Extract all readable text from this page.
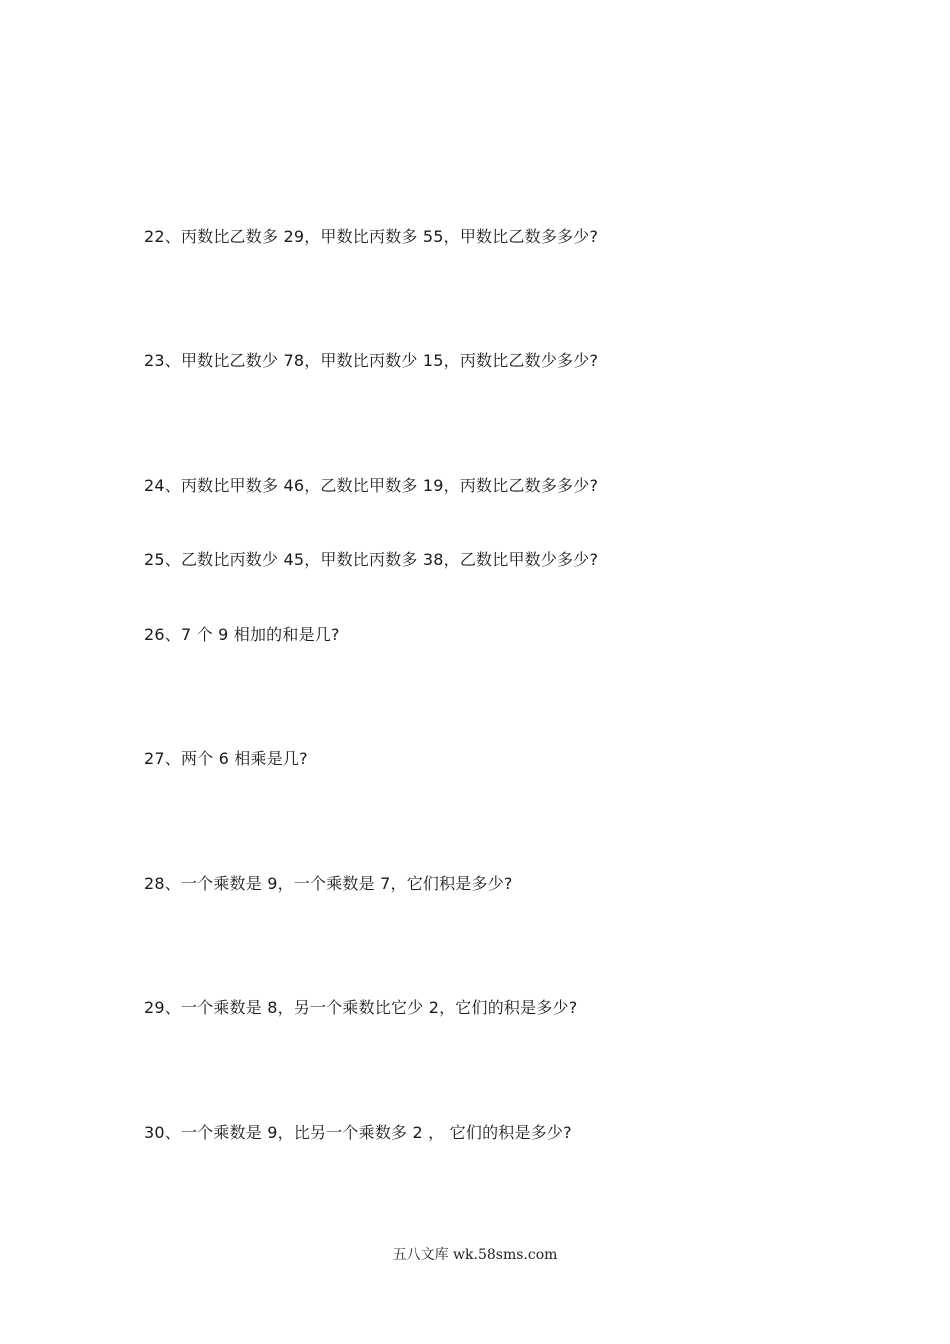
22、丙数比乙数多 29，甲数比丙数多 55，甲数比乙数多多少?
23、甲数比乙数少 78，甲数比丙数少 15，丙数比乙数少多少?
24、丙数比甲数多 46，乙数比甲数多 19，丙数比乙数多多少?
25、乙数比丙数少 45，甲数比丙数多 38，乙数比甲数少多少?
26、7 个 9 相加的和是几?
27、两个 6 相乘是几?
28、一个乘数是 9，一个乘数是 7，它们积是多少?
29、一个乘数是 8，另一个乘数比它少 2，它们的积是多少?
30、一个乘数是 9，比另一个乘数多 2 ， 它们的积是多少?
五八文库 wk.58sms.com
